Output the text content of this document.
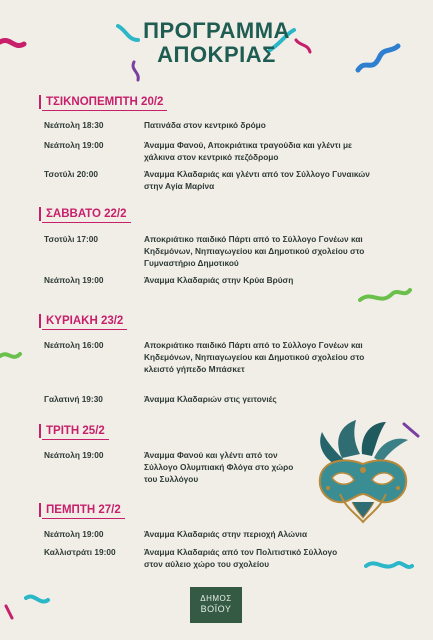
ΠΡΟΓΡΑΜΜΑ
ΑΠΟΚΡΙΑΣ
ΤΣΙΚΝΟΠΕΜΠΤΗ 20/2
Νεάπολη 18:30	Πατινάδα στον κεντρικό δρόμο
Νεάπολη 19:00	Άναμμα Φανού, Αποκριάτικα τραγούδια και γλέντι με χάλκινα στον κεντρικό πεζόδρομο
Τσοτύλι 20:00	Άναμμα Κλαδαριάς και γλέντι από τον Σύλλογο Γυναικών στην Αγία Μαρίνα
ΣΑΒΒΑΤΟ 22/2
Τσοτύλι 17:00	Αποκριάτικο παιδικό Πάρτι από το Σύλλογο Γονέων και Κηδεμόνων, Νηπιαγωγείου και Δημοτικού σχολείου στο Γυμναστήριο Δημοτικού
Νεάπολη 19:00	Άναμμα Κλαδαριάς στην Κρύα Βρύση
ΚΥΡΙΑΚΗ 23/2
Νεάπολη 16:00	Αποκριάτικο παιδικό Πάρτι από το Σύλλογο Γονέων και Κηδεμόνων, Νηπιαγωγείου και Δημοτικού σχολείου στο κλειστό γήπεδο Μπάσκετ
Γαλατινή 19:30	Άναμμα Κλαδαριών στις γειτονιές
ΤΡΙΤΗ 25/2
Νεάπολη 19:00	Άναμμα Φανού και γλέντι από τον Σύλλογο Ολυμπιακή Φλόγα στο χώρο του Συλλόγου
ΠΕΜΠΤΗ 27/2
Νεάπολη 19:00	Άναμμα Κλαδαριάς στην περιοχή Αλώνια
Καλλιστράτι 19:00	Άναμμα Κλαδαριάς από τον Πολιτιστικό Σύλλογο στον αύλειο χώρο του σχολείου
ΔΗΜΟΣ
ΒΟΪΟΥ
